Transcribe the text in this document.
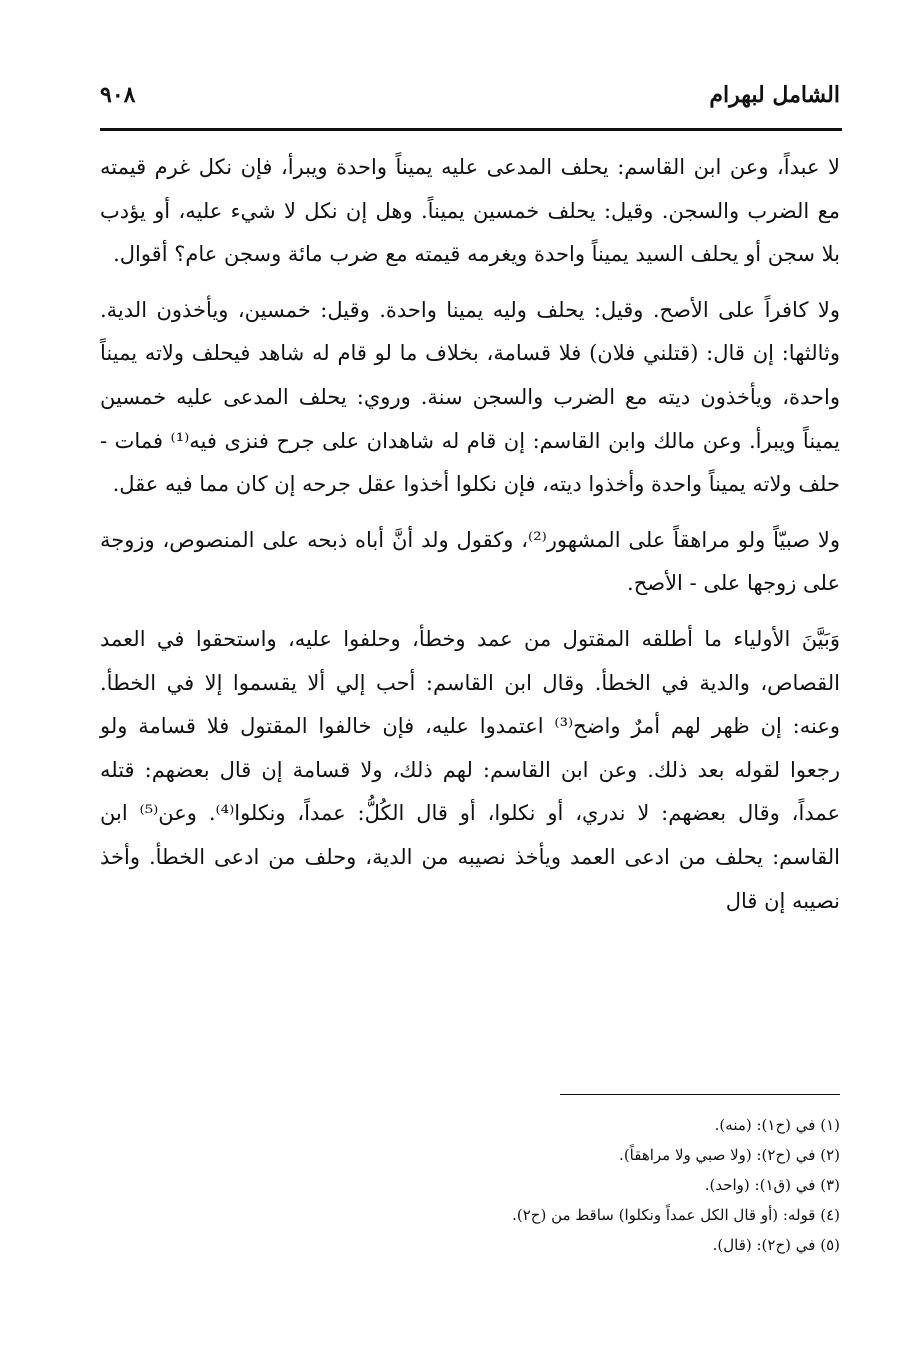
الشامل لبهرام
٩٠٨

لا عبداً، وعن ابن القاسم: يحلف المدعى عليه يميناً واحدة ويبرأ، فإن نكل غرم قيمته مع الضرب والسجن. وقيل: يحلف خمسين يميناً. وهل إن نكل لا شيء عليه، أو يؤدب بلا سجن أو يحلف السيد يميناً واحدة ويغرمه قيمته مع ضرب مائة وسجن عام؟ أقوال.

ولا كافراً على الأصح. وقيل: يحلف وليه يمينا واحدة. وقيل: خمسين، ويأخذون الدية. وثالثها: إن قال: (قتلني فلان) فلا قسامة، بخلاف ما لو قام له شاهد فيحلف ولاته يميناً واحدة، ويأخذون ديته مع الضرب والسجن سنة. وروي: يحلف المدعى عليه خمسين يميناً ويبرأ. وعن مالك وابن القاسم: إن قام له شاهدان على جرح فنزى فيه⁽¹⁾ فمات - حلف ولاته يميناً واحدة وأخذوا ديته، فإن نكلوا أخذوا عقل جرحه إن كان مما فيه عقل.

ولا صبيّاً ولو مراهقاً على المشهور⁽²⁾، وكقول ولد أنَّ أباه ذبحه على المنصوص، وزوجة على زوجها على - الأصح.

وَبَيَّنَ الأولياء ما أطلقه المقتول من عمد وخطأ، وحلفوا عليه، واستحقوا في العمد القصاص، والدية في الخطأ. وقال ابن القاسم: أحب إلي ألا يقسموا إلا في الخطأ. وعنه: إن ظهر لهم أمرٌ واضح⁽³⁾ اعتمدوا عليه، فإن خالفوا المقتول فلا قسامة ولو رجعوا لقوله بعد ذلك. وعن ابن القاسم: لهم ذلك، ولا قسامة إن قال بعضهم: قتله عمداً، وقال بعضهم: لا ندري، أو نكلوا، أو قال الكُلُّ: عمداً، ونكلوا⁽⁴⁾. وعن⁽⁵⁾ ابن القاسم: يحلف من ادعى العمد ويأخذ نصيبه من الدية، وحلف من ادعى الخطأ. وأخذ نصيبه إن قال

(١) في (ح١): (منه).
(٢) في (ح٢): (ولا صبي ولا مراهقاً).
(٣) في (ق١): (واحد).
(٤) قوله: (أو قال الكل عمداً ونكلوا) ساقط من (ح٢).
(٥) في (ح٢): (قال).
